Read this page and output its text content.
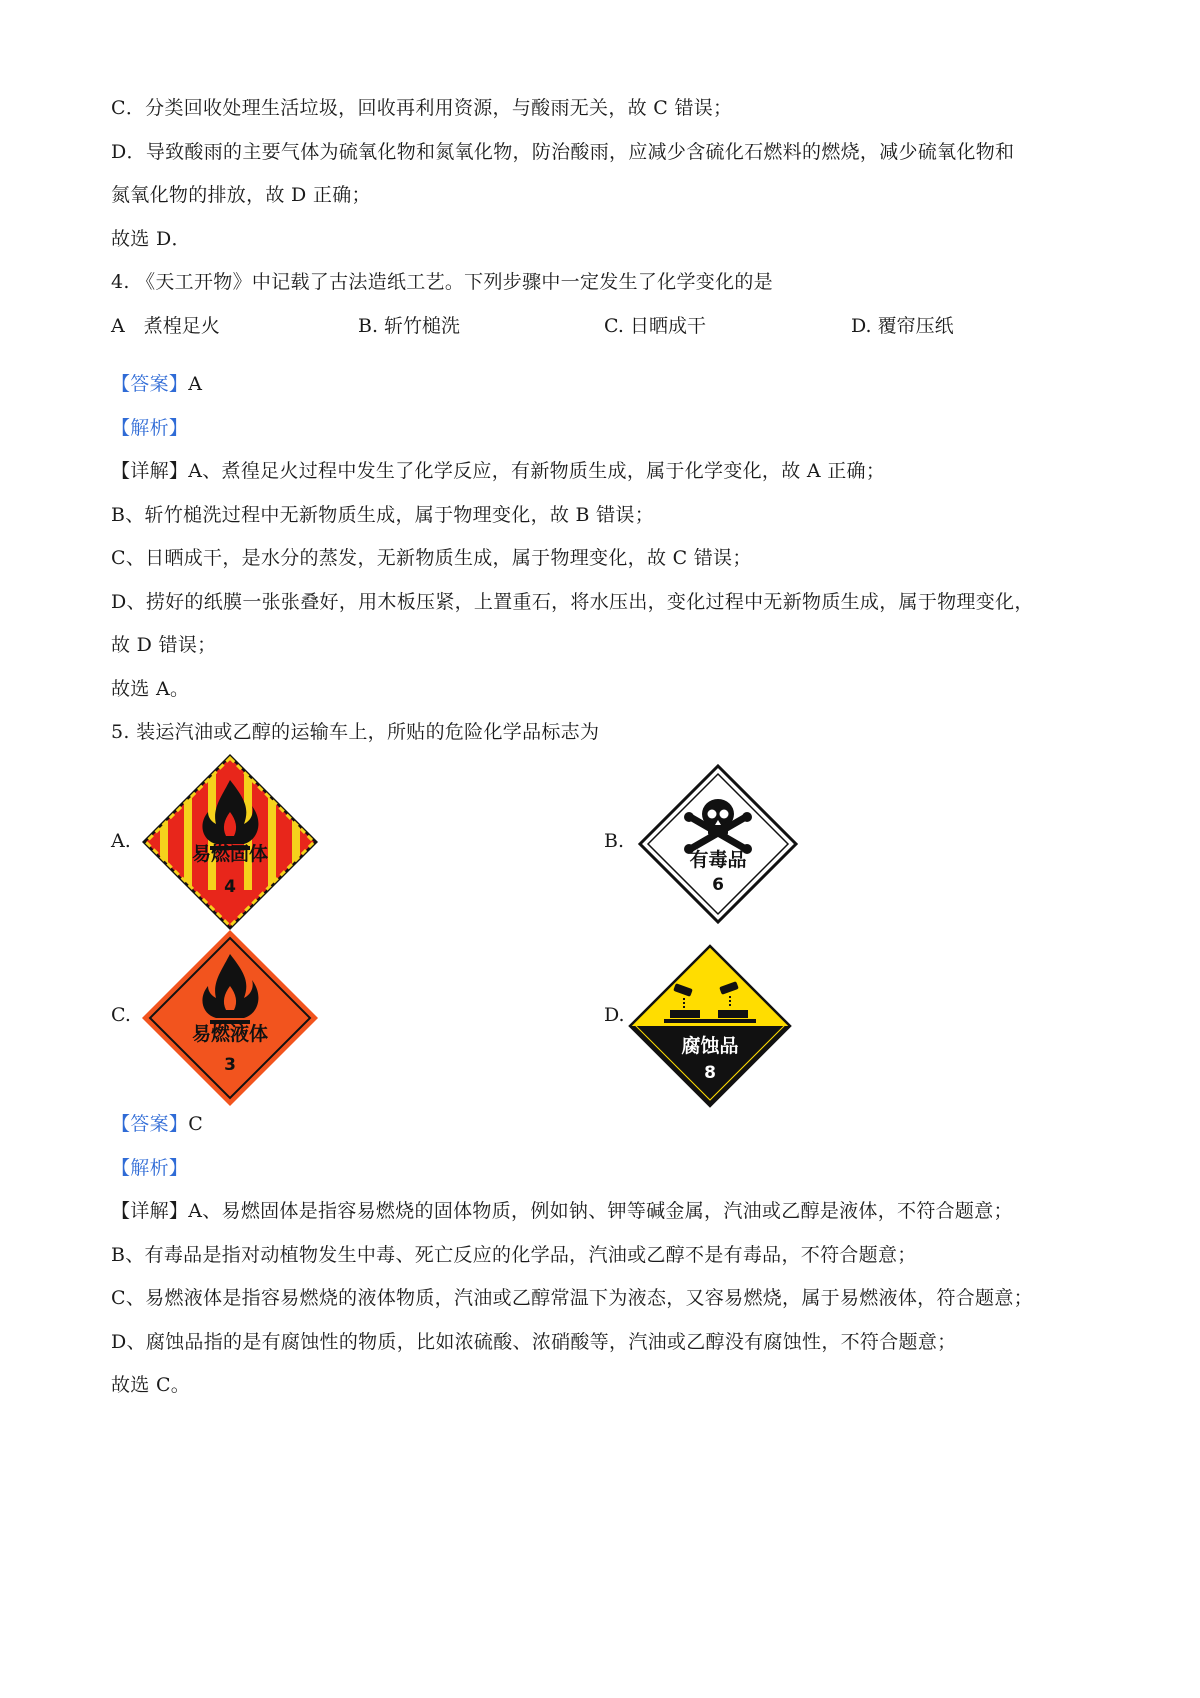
C．分类回收处理生活垃圾，回收再利用资源，与酸雨无关，故 C 错误；
D．导致酸雨的主要气体为硫氧化物和氮氧化物，防治酸雨，应减少含硫化石燃料的燃烧，减少硫氧化物和
氮氧化物的排放，故 D 正确；
故选 D．
4. 《天工开物》中记载了古法造纸工艺。下列步骤中一定发生了化学变化的是
A　煮楻足火	B. 斩竹槌洗	C. 日晒成干	D. 覆帘压纸
【答案】A
【解析】
【详解】A、煮徨足火过程中发生了化学反应，有新物质生成，属于化学变化，故 A 正确；
B、斩竹槌洗过程中无新物质生成，属于物理变化，故 B 错误；
C、日晒成干，是水分的蒸发，无新物质生成，属于物理变化，故 C 错误；
D、捞好的纸膜一张张叠好，用木板压紧，上置重石，将水压出，变化过程中无新物质生成，属于物理变化，
故 D 错误；
故选 A。
5. 装运汽油或乙醇的运输车上，所贴的危险化学品标志为
A.	B.
C.	D.
易燃固体
4
有毒品
6
易燃液体
3
腐蚀品
8
【答案】C
【解析】
【详解】A、易燃固体是指容易燃烧的固体物质，例如钠、钾等碱金属，汽油或乙醇是液体，不符合题意；
B、有毒品是指对动植物发生中毒、死亡反应的化学品，汽油或乙醇不是有毒品，不符合题意；
C、易燃液体是指容易燃烧的液体物质，汽油或乙醇常温下为液态，又容易燃烧，属于易燃液体，符合题意；
D、腐蚀品指的是有腐蚀性的物质，比如浓硫酸、浓硝酸等，汽油或乙醇没有腐蚀性，不符合题意；
故选 C。
